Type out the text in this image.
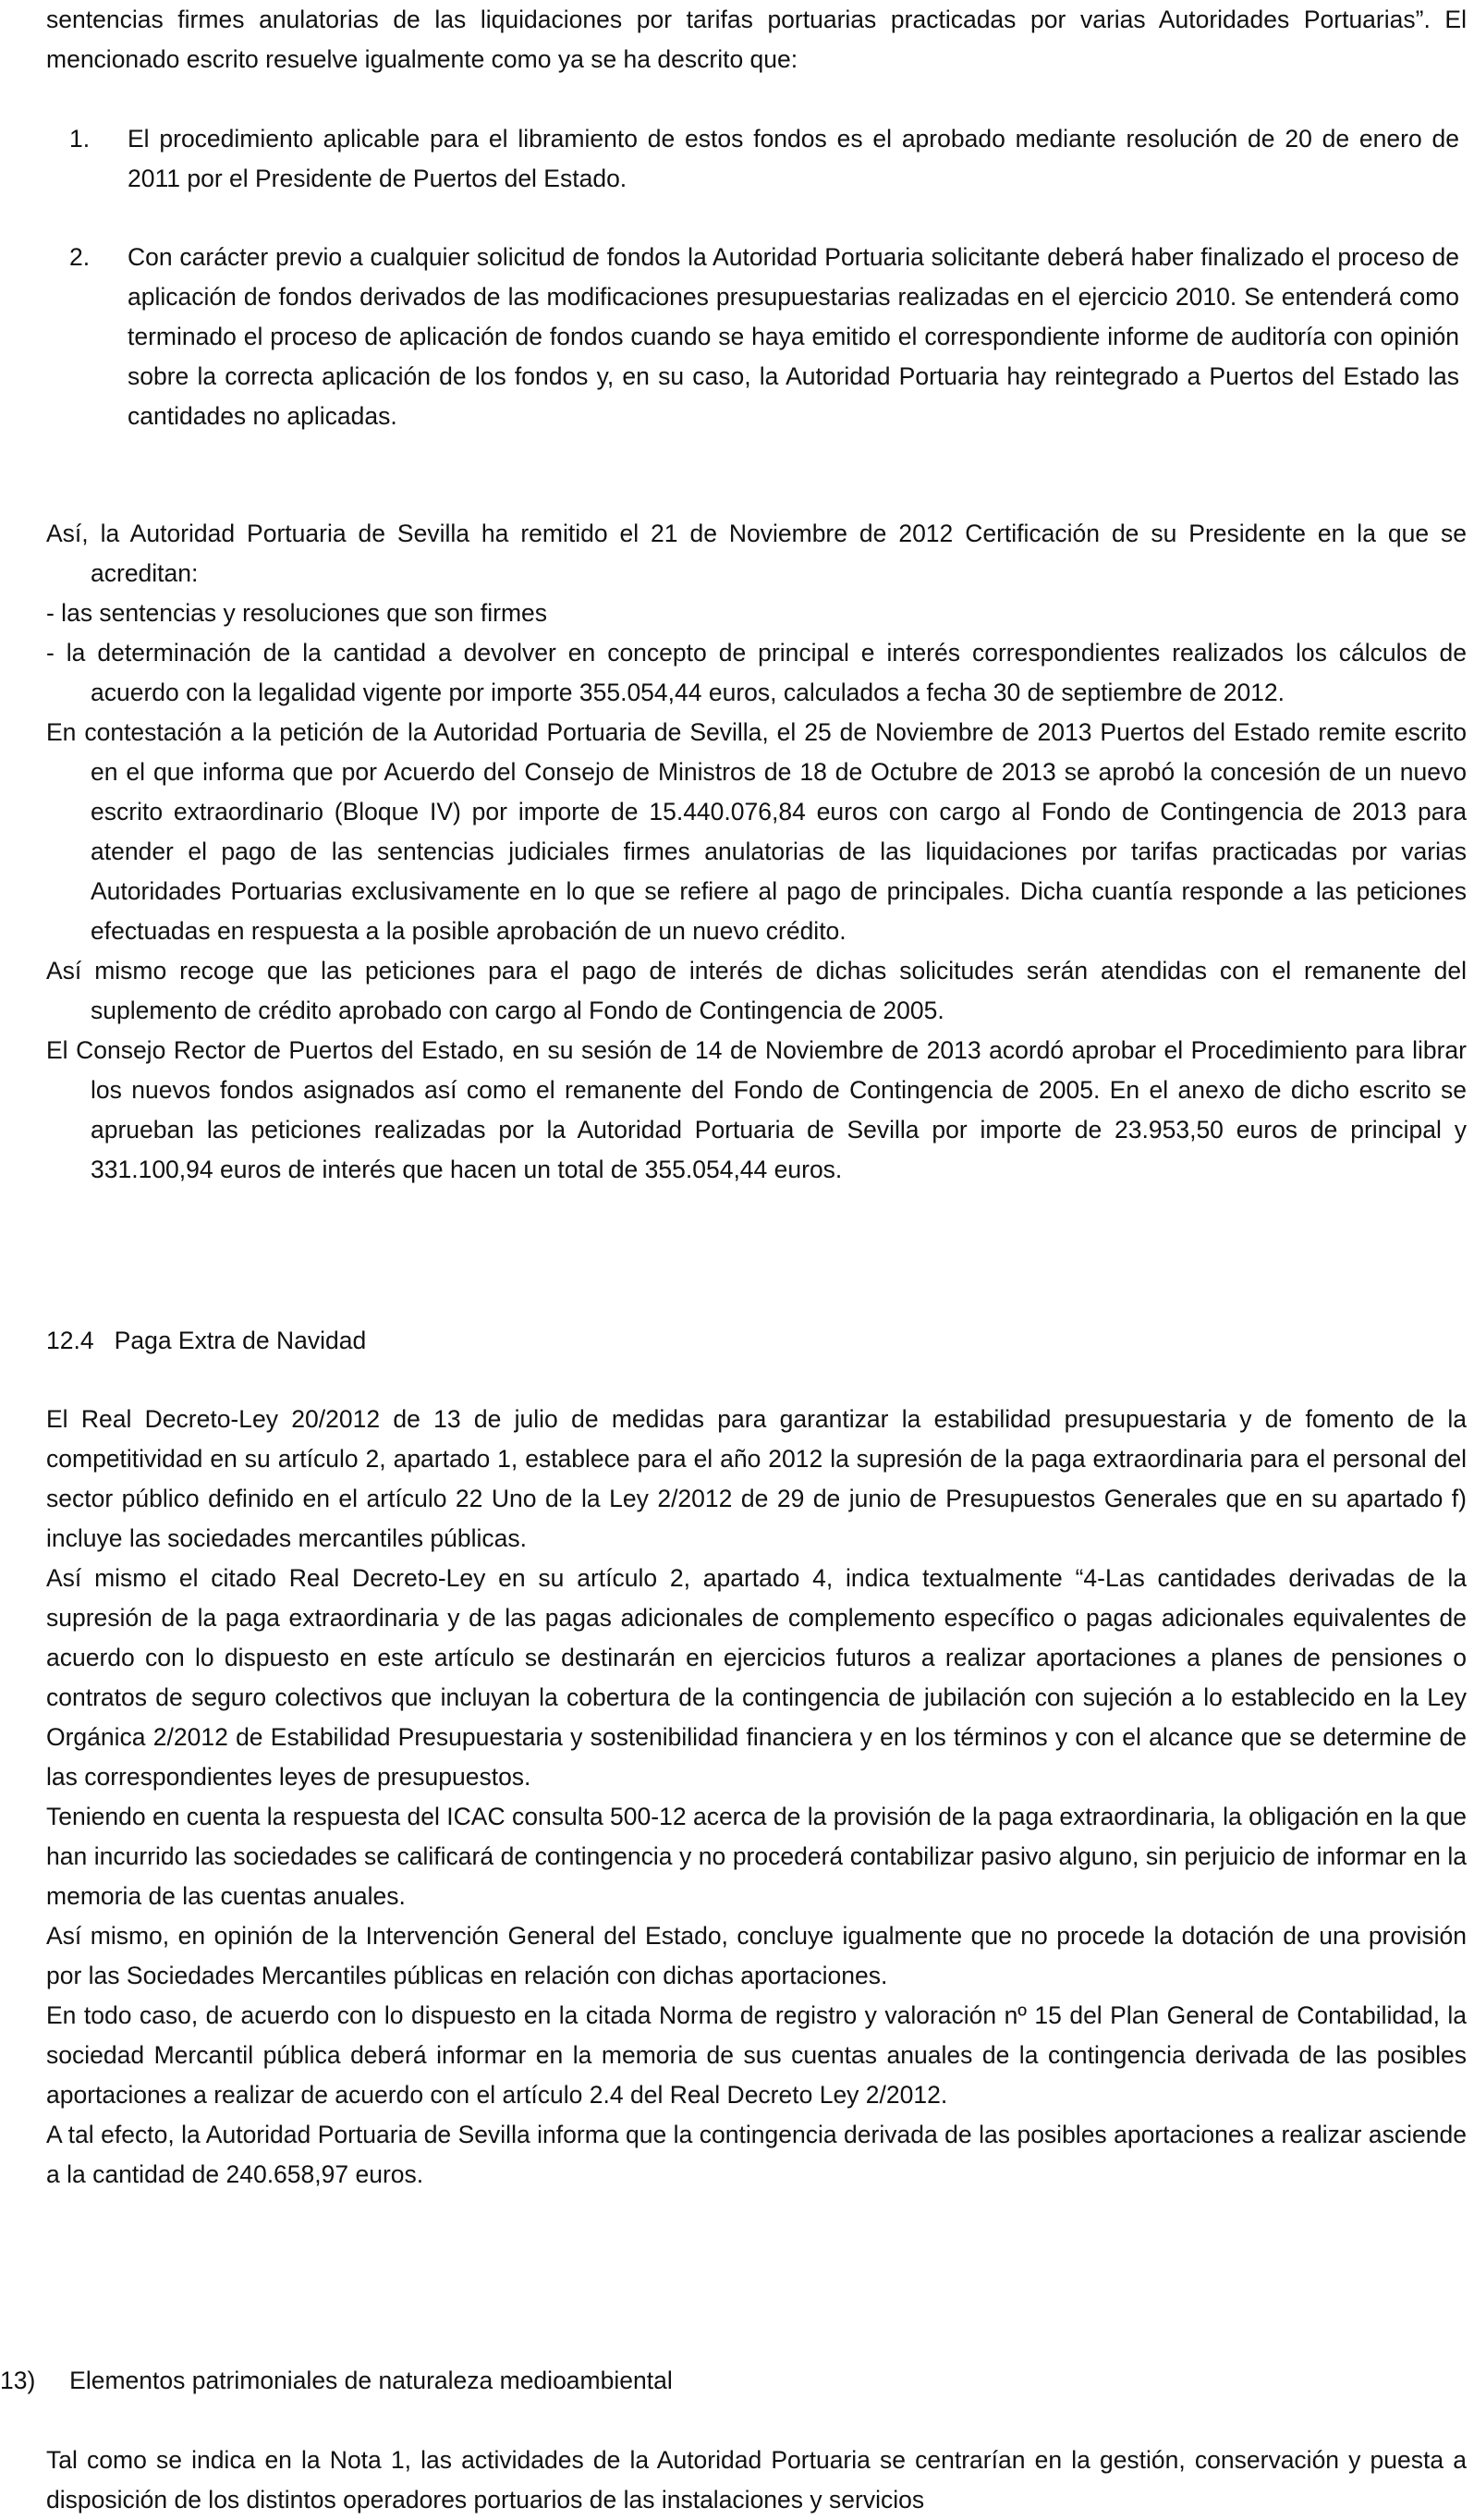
sentencias firmes anulatorias de las liquidaciones por tarifas portuarias practicadas por varias Autoridades Portuarias”. El mencionado escrito resuelve igualmente como ya se ha descrito que:

1.	El procedimiento aplicable para el libramiento de estos fondos es el aprobado mediante resolución de 20 de enero de 2011 por el Presidente de Puertos del Estado.

2.	Con carácter previo a cualquier solicitud de fondos la Autoridad Portuaria solicitante deberá haber finalizado el proceso de aplicación de fondos derivados de las modificaciones presupuestarias realizadas en el ejercicio 2010. Se entenderá como terminado el proceso de aplicación de fondos cuando se haya emitido el correspondiente informe de auditoría con opinión sobre la correcta aplicación de los fondos y, en su caso, la Autoridad Portuaria hay reintegrado a Puertos del Estado las cantidades no aplicadas.

Así, la Autoridad Portuaria de Sevilla ha remitido el 21 de Noviembre de 2012 Certificación de su Presidente en la que se acreditan:

- las sentencias y resoluciones que son firmes

- la determinación de la cantidad a devolver en concepto de principal e interés correspondientes realizados los cálculos de acuerdo con la legalidad vigente por importe 355.054,44 euros, calculados a fecha 30 de septiembre de 2012.

En contestación a la petición de la Autoridad Portuaria de Sevilla, el 25 de Noviembre de 2013 Puertos del Estado remite escrito en el que informa que por Acuerdo del Consejo de Ministros de 18 de Octubre de 2013 se aprobó la concesión de un nuevo escrito extraordinario (Bloque IV) por importe de 15.440.076,84 euros con cargo al Fondo de Contingencia de 2013 para atender el pago de las sentencias judiciales firmes anulatorias de las liquidaciones por tarifas practicadas por varias Autoridades Portuarias exclusivamente en lo que se refiere al pago de principales. Dicha cuantía responde a las peticiones efectuadas en respuesta a la posible aprobación de un nuevo crédito.

Así mismo recoge que las peticiones para el pago de interés de dichas solicitudes serán atendidas con el remanente del suplemento de crédito aprobado con cargo al Fondo de Contingencia de 2005.

El Consejo Rector de Puertos del Estado, en su sesión de 14 de Noviembre de 2013 acordó aprobar el Procedimiento para librar los nuevos fondos asignados así como el remanente del Fondo de Contingencia de 2005. En el anexo de dicho escrito se aprueban las peticiones realizadas por la Autoridad Portuaria de Sevilla por importe de 23.953,50 euros de principal y 331.100,94 euros de interés que hacen un total de 355.054,44 euros.

12.4 Paga Extra de Navidad

El Real Decreto-Ley 20/2012 de 13 de julio de medidas para garantizar la estabilidad presupuestaria y de fomento de la competitividad en su artículo 2, apartado 1, establece para el año 2012 la supresión de la paga extraordinaria para el personal del sector público definido en el artículo 22 Uno de la Ley 2/2012 de 29 de junio de Presupuestos Generales que en su apartado f) incluye las sociedades mercantiles públicas.

Así mismo el citado Real Decreto-Ley en su artículo 2, apartado 4, indica textualmente “4-Las cantidades derivadas de la supresión de la paga extraordinaria y de las pagas adicionales de complemento específico o pagas adicionales equivalentes de acuerdo con lo dispuesto en este artículo se destinarán en ejercicios futuros a realizar aportaciones a planes de pensiones o contratos de seguro colectivos que incluyan la cobertura de la contingencia de jubilación con sujeción a lo establecido en la Ley Orgánica 2/2012 de Estabilidad Presupuestaria y sostenibilidad financiera y en los términos y con el alcance que se determine de las correspondientes leyes de presupuestos.

Teniendo en cuenta la respuesta del ICAC consulta 500-12 acerca de la provisión de la paga extraordinaria, la obligación en la que han incurrido las sociedades se calificará de contingencia y no procederá contabilizar pasivo alguno, sin perjuicio de informar en la memoria de las cuentas anuales.

Así mismo, en opinión de la Intervención General del Estado, concluye igualmente que no procede la dotación de una provisión por las Sociedades Mercantiles públicas en relación con dichas aportaciones.

En todo caso, de acuerdo con lo dispuesto en la citada Norma de registro y valoración nº 15 del Plan General de Contabilidad, la sociedad Mercantil pública deberá informar en la memoria de sus cuentas anuales de la contingencia derivada de las posibles aportaciones a realizar de acuerdo con el artículo 2.4 del Real Decreto Ley 2/2012.

A tal efecto, la Autoridad Portuaria de Sevilla informa que la contingencia derivada de las posibles aportaciones a realizar asciende a la cantidad de 240.658,97 euros.

13) Elementos patrimoniales de naturaleza medioambiental

Tal como se indica en la Nota 1, las actividades de la Autoridad Portuaria se centrarían en la gestión, conservación y puesta a disposición de los distintos operadores portuarios de las instalaciones y servicios
